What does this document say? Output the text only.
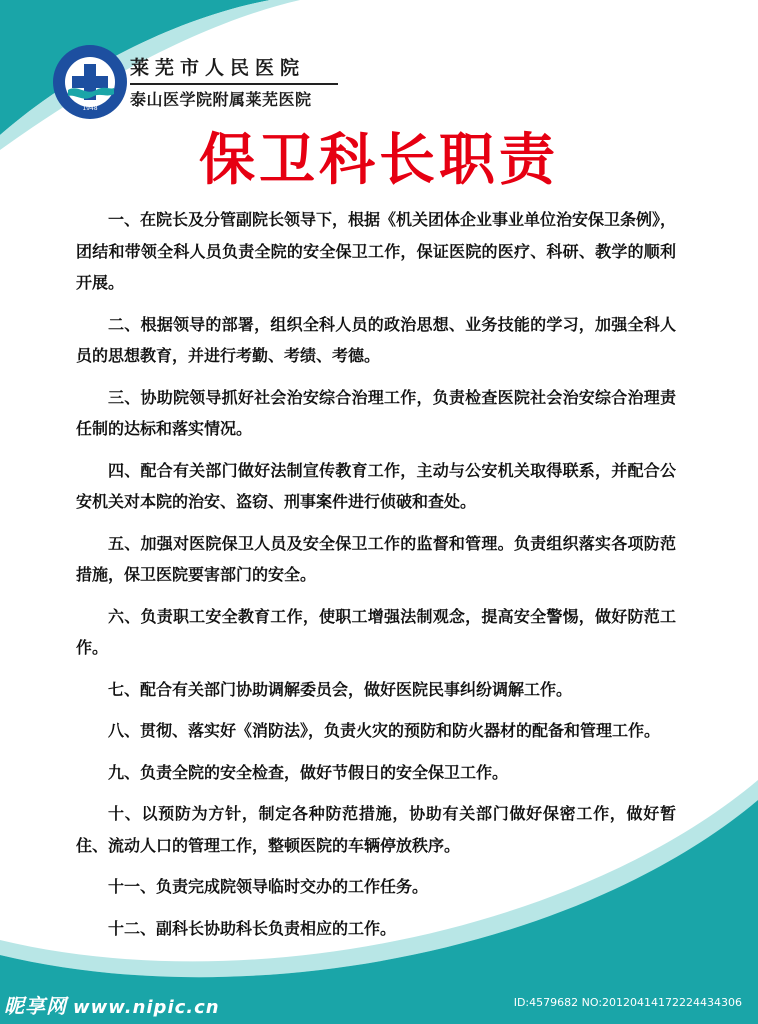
1948
莱芜市人民医院
泰山医学院附属莱芜医院
保卫科长职责

一、在院长及分管副院长领导下，根据《机关团体企业事业单位治安保卫条例》，团结和带领全科人员负责全院的安全保卫工作，保证医院的医疗、科研、教学的顺利开展。

二、根据领导的部署，组织全科人员的政治思想、业务技能的学习，加强全科人员的思想教育，并进行考勤、考绩、考德。

三、协助院领导抓好社会治安综合治理工作，负责检查医院社会治安综合治理责任制的达标和落实情况。

四、配合有关部门做好法制宣传教育工作，主动与公安机关取得联系，并配合公安机关对本院的治安、盗窃、刑事案件进行侦破和查处。

五、加强对医院保卫人员及安全保卫工作的监督和管理。负责组织落实各项防范措施，保卫医院要害部门的安全。

六、负责职工安全教育工作，使职工增强法制观念，提高安全警惕，做好防范工作。

七、配合有关部门协助调解委员会，做好医院民事纠纷调解工作。

八、贯彻、落实好《消防法》，负责火灾的预防和防火器材的配备和管理工作。

九、负责全院的安全检查，做好节假日的安全保卫工作。

十、以预防为方针，制定各种防范措施，协助有关部门做好保密工作，做好暂住、流动人口的管理工作，整顿医院的车辆停放秩序。

十一、负责完成院领导临时交办的工作任务。

十二、副科长协助科长负责相应的工作。

昵享网 www.nipic.cn	ID:4579682 NO:20120414172224434306
